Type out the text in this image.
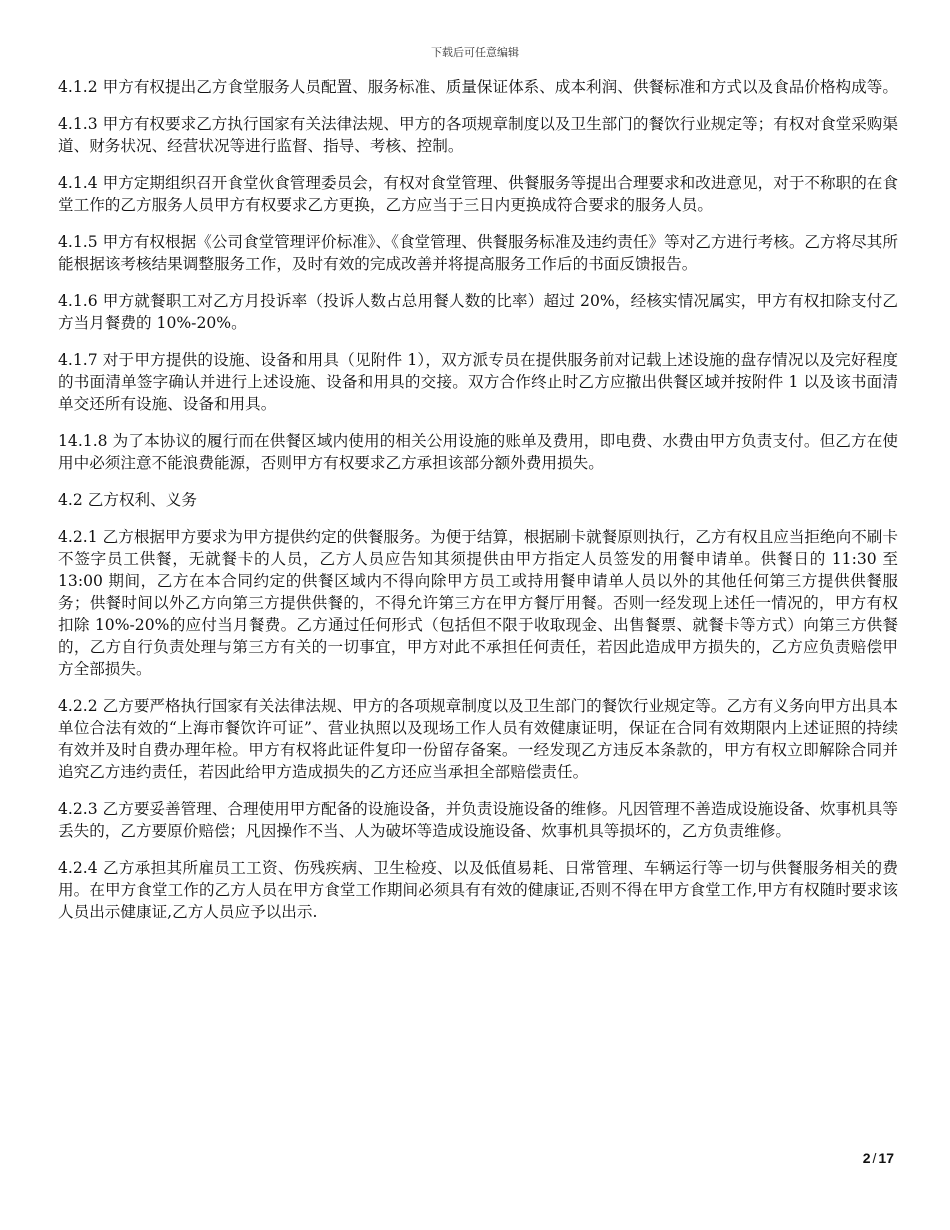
下载后可任意编辑

4.1.2 甲方有权提出乙方食堂服务人员配置、服务标准、质量保证体系、成本利润、供餐标准和方式以及食品价格构成等。

4.1.3 甲方有权要求乙方执行国家有关法律法规、甲方的各项规章制度以及卫生部门的餐饮行业规定等；有权对食堂采购渠道、财务状况、经营状况等进行监督、指导、考核、控制。

4.1.4 甲方定期组织召开食堂伙食管理委员会，有权对食堂管理、供餐服务等提出合理要求和改进意见，对于不称职的在食堂工作的乙方服务人员甲方有权要求乙方更换，乙方应当于三日内更换成符合要求的服务人员。

4.1.5 甲方有权根据《公司食堂管理评价标准》、《食堂管理、供餐服务标准及违约责任》等对乙方进行考核。乙方将尽其所能根据该考核结果调整服务工作，及时有效的完成改善并将提高服务工作后的书面反馈报告。

4.1.6 甲方就餐职工对乙方月投诉率（投诉人数占总用餐人数的比率）超过 20%，经核实情况属实，甲方有权扣除支付乙方当月餐费的 10%-20%。

4.1.7 对于甲方提供的设施、设备和用具（见附件 1），双方派专员在提供服务前对记载上述设施的盘存情况以及完好程度的书面清单签字确认并进行上述设施、设备和用具的交接。双方合作终止时乙方应撤出供餐区域并按附件 1 以及该书面清单交还所有设施、设备和用具。

14.1.8 为了本协议的履行而在供餐区域内使用的相关公用设施的账单及费用，即电费、水费由甲方负责支付。但乙方在使用中必须注意不能浪费能源，否则甲方有权要求乙方承担该部分额外费用损失。

4.2 乙方权利、义务

4.2.1 乙方根据甲方要求为甲方提供约定的供餐服务。为便于结算，根据刷卡就餐原则执行，乙方有权且应当拒绝向不刷卡不签字员工供餐，无就餐卡的人员，乙方人员应告知其须提供由甲方指定人员签发的用餐申请单。供餐日的 11:30 至 13:00 期间，乙方在本合同约定的供餐区域内不得向除甲方员工或持用餐申请单人员以外的其他任何第三方提供供餐服务；供餐时间以外乙方向第三方提供供餐的，不得允许第三方在甲方餐厅用餐。否则一经发现上述任一情况的，甲方有权扣除 10%-20%的应付当月餐费。乙方通过任何形式（包括但不限于收取现金、出售餐票、就餐卡等方式）向第三方供餐的，乙方自行负责处理与第三方有关的一切事宜，甲方对此不承担任何责任，若因此造成甲方损失的，乙方应负责赔偿甲方全部损失。

4.2.2 乙方要严格执行国家有关法律法规、甲方的各项规章制度以及卫生部门的餐饮行业规定等。乙方有义务向甲方出具本单位合法有效的“上海市餐饮许可证”、营业执照以及现场工作人员有效健康证明，保证在合同有效期限内上述证照的持续有效并及时自费办理年检。甲方有权将此证件复印一份留存备案。一经发现乙方违反本条款的，甲方有权立即解除合同并追究乙方违约责任，若因此给甲方造成损失的乙方还应当承担全部赔偿责任。

4.2.3 乙方要妥善管理、合理使用甲方配备的设施设备，并负责设施设备的维修。凡因管理不善造成设施设备、炊事机具等丢失的，乙方要原价赔偿；凡因操作不当、人为破坏等造成设施设备、炊事机具等损坏的，乙方负责维修。

4.2.4 乙方承担其所雇员工工资、伤残疾病、卫生检疫、以及低值易耗、日常管理、车辆运行等一切与供餐服务相关的费用。在甲方食堂工作的乙方人员在甲方食堂工作期间必须具有有效的健康证,否则不得在甲方食堂工作,甲方有权随时要求该人员出示健康证,乙方人员应予以出示.

2 / 17
